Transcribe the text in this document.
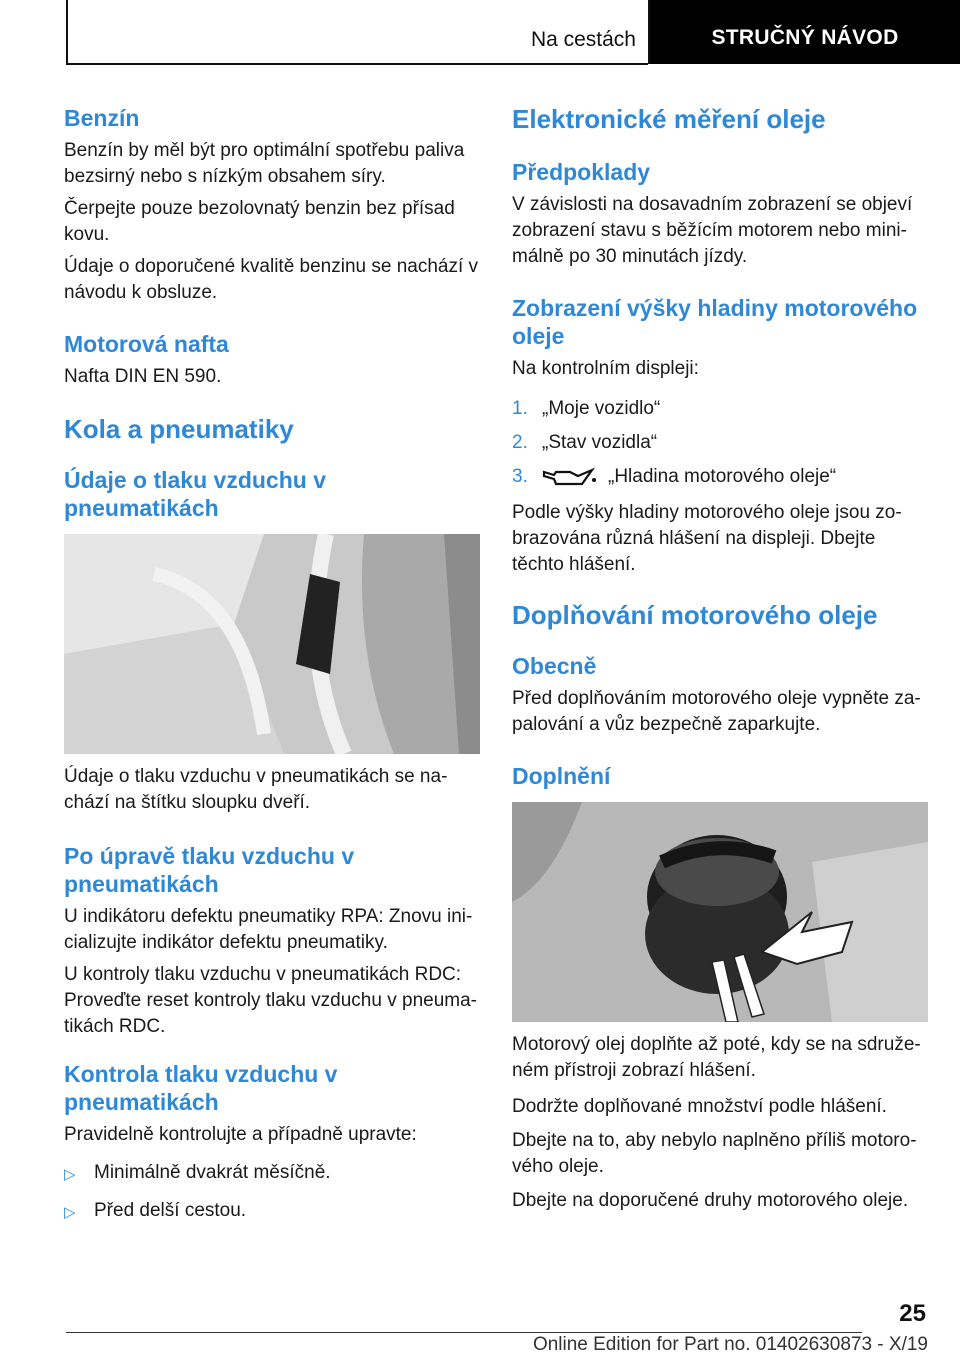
Na cestách	STRUČNÝ NÁVOD
Benzín

Benzín by měl být pro optimální spotřebu paliva bezsirný nebo s nízkým obsahem síry.

Čerpejte pouze bezolovnatý benzin bez přísad kovu.

Údaje o doporučené kvalitě benzinu se nachází v návodu k obsluze.

Motorová nafta

Nafta DIN EN 590.

Kola a pneumatiky
Údaje o tlaku vzduchu v pneumatikách

Údaje o tlaku vzduchu v pneumatikách se nachází na štítku sloupku dveří.

Po úpravě tlaku vzduchu v pneumatikách

U indikátoru defektu pneumatiky RPA: Znovu inicializujte indikátor defektu pneumatiky.

U kontroly tlaku vzduchu v pneumatikách RDC: Proveďte reset kontroly tlaku vzduchu v pneumatikách RDC.

Kontrola tlaku vzduchu v pneumatikách

Pravidelně kontrolujte a případně upravte:

▷ Minimálně dvakrát měsíčně.
▷ Před delší cestou.
Elektronické měření oleje
Předpoklady

V závislosti na dosavadním zobrazení se objeví zobrazení stavu s běžícím motorem nebo minimálně po 30 minutách jízdy.

Zobrazení výšky hladiny motorového oleje

Na kontrolním displeji:

1. „Moje vozidlo“
2. „Stav vozidla“
3.	„Hladina motorového oleje“

Podle výšky hladiny motorového oleje jsou zobrazována různá hlášení na displeji. Dbejte těchto hlášení.

Doplňování motorového oleje
Obecně

Před doplňováním motorového oleje vypněte zapalování a vůz bezpečně zaparkujte.

Doplnění

Motorový olej doplňte až poté, kdy se na sdruženém přístroji zobrazí hlášení.

Dodržte doplňované množství podle hlášení.

Dbejte na to, aby nebylo naplněno příliš motorového oleje.

Dbejte na doporučené druhy motorového oleje.

25
Online Edition for Part no. 01402630873 - X/19
